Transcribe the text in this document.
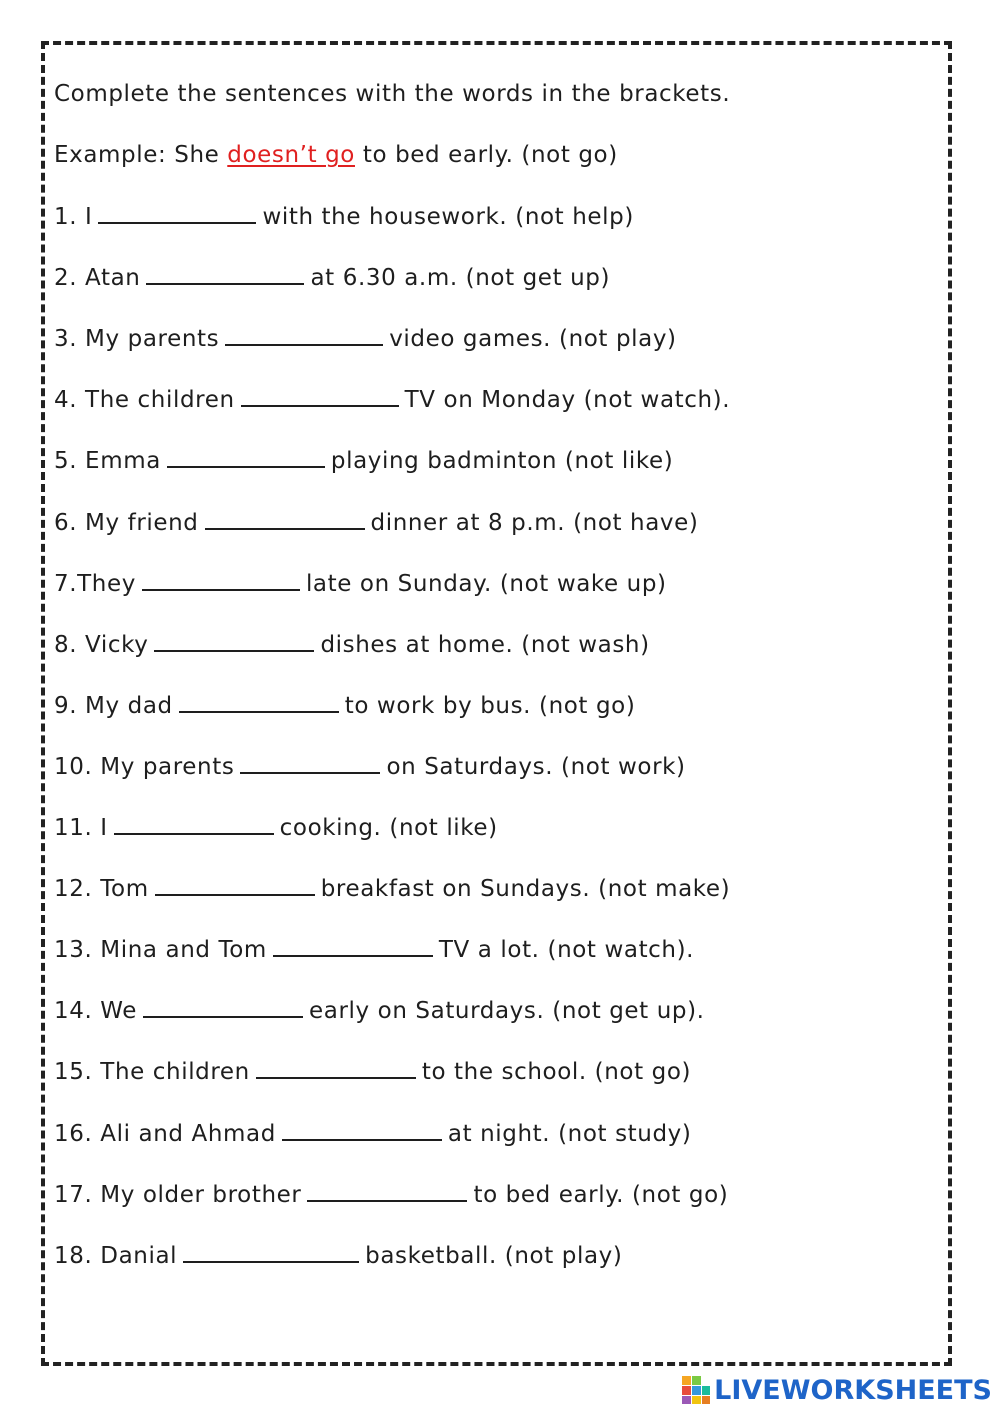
Complete the sentences with the words in the brackets.
Example: She doesn’t go to bed early. (not go)
1. I	with the housework. (not help)
2. Atan	at 6.30 a.m. (not get up)
3. My parents	video games. (not play)
4. The children	TV on Monday (not watch).
5. Emma	playing badminton (not like)
6. My friend	dinner at 8 p.m. (not have)
7.They	late on Sunday. (not wake up)
8. Vicky	dishes at home. (not wash)
9. My dad	to work by bus. (not go)
10. My parents	on Saturdays. (not work)
11. I	cooking. (not like)
12. Tom	breakfast on Sundays. (not make)
13. Mina and Tom	TV a lot. (not watch).
14. We	early on Saturdays. (not get up).
15. The children	to the school. (not go)
16. Ali and Ahmad	at night. (not study)
17. My older brother	to bed early. (not go)
18. Danial	basketball. (not play)
LIVEWORKSHEETS
